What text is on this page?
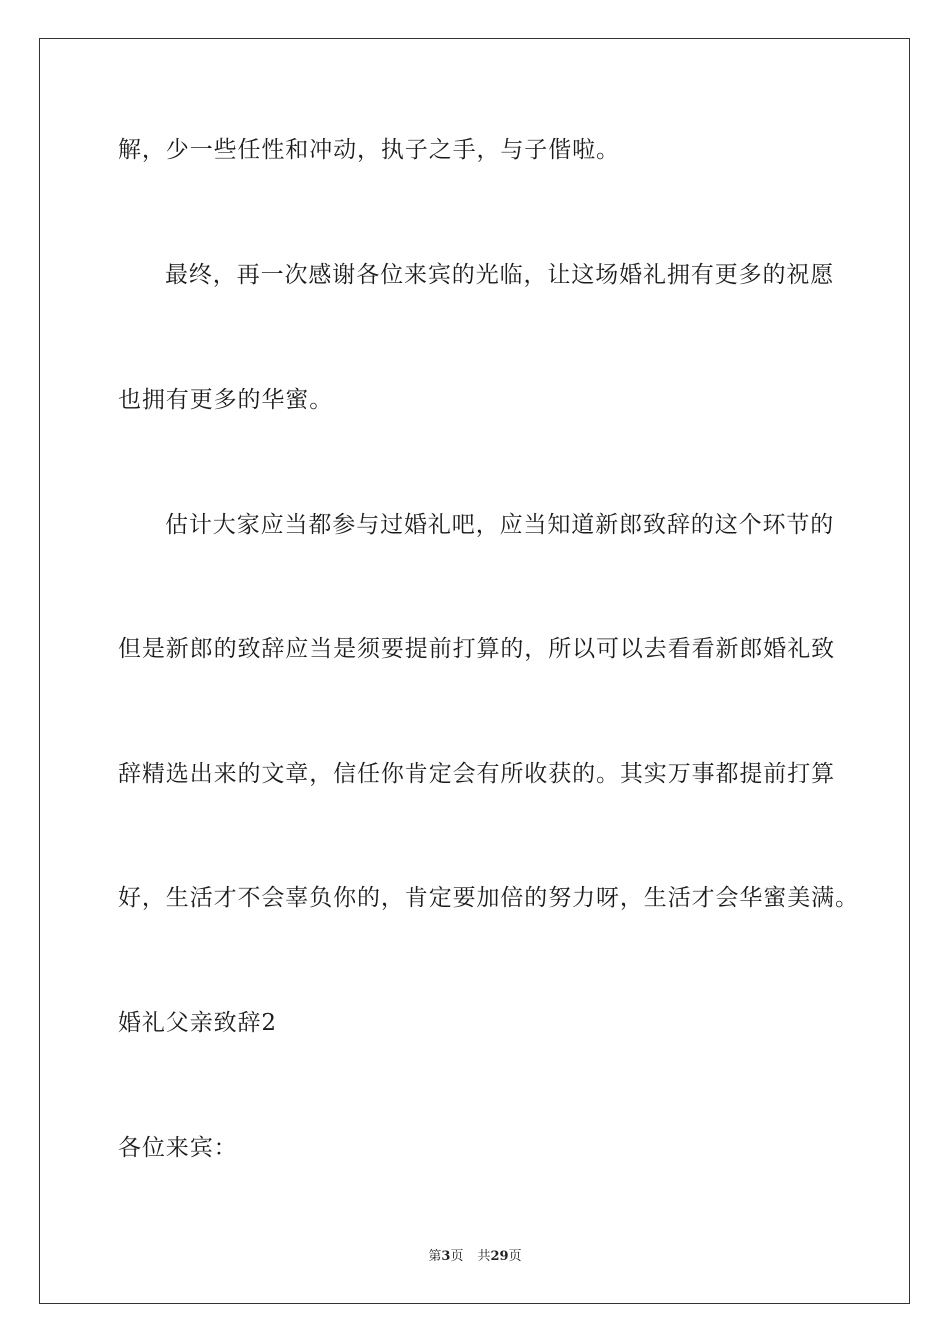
解，少一些任性和冲动，执子之手，与子偕啦。
最终，再一次感谢各位来宾的光临，让这场婚礼拥有更多的祝愿
也拥有更多的华蜜。
估计大家应当都参与过婚礼吧，应当知道新郎致辞的这个环节的
但是新郎的致辞应当是须要提前打算的，所以可以去看看新郎婚礼致
辞精选出来的文章，信任你肯定会有所收获的。其实万事都提前打算
好，生活才不会辜负你的，肯定要加倍的努力呀，生活才会华蜜美满。
婚礼父亲致辞2
各位来宾：
第3页 共29页
